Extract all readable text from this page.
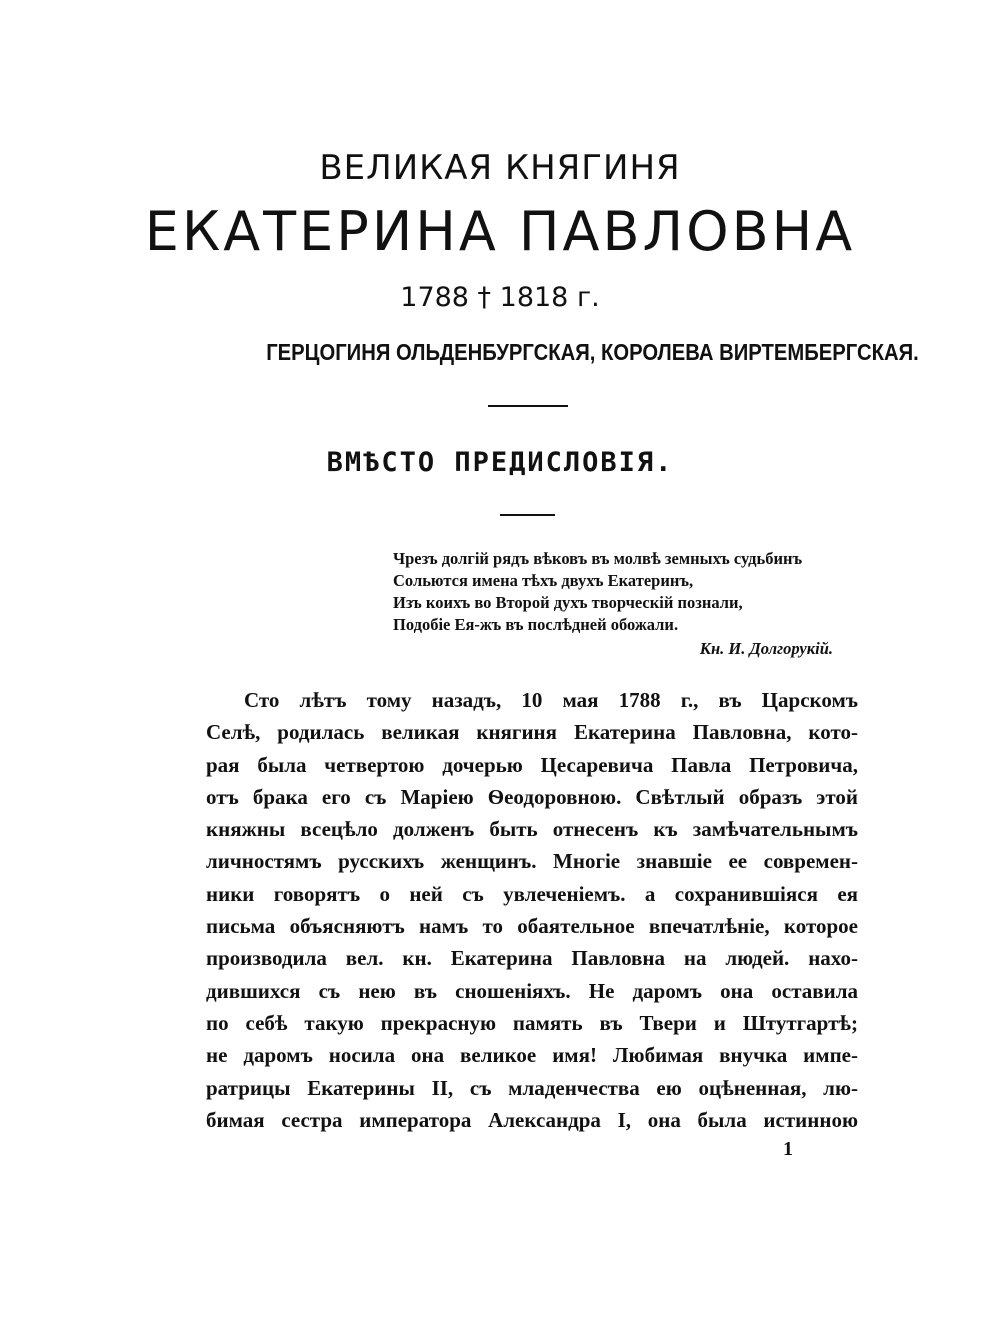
ВЕЛИКАЯ КНЯГИНЯ
ЕКАТЕРИНА ПАВЛОВНА
1788 † 1818 г.
ГЕРЦОГИНЯ ОЛЬДЕНБУРГСКАЯ, КОРОЛЕВА ВИРТЕМБЕРГСКАЯ.
ВМѢСТО ПРЕДИСЛОВІЯ.
Чрезъ долгій рядъ вѣковъ въ молвѣ земныхъ судьбинъ
Сольются имена тѣхъ двухъ Екатеринъ,
Изъ коихъ во Второй духъ творческій познали,
Подобіе Ея-жъ въ послѣдней обожали.
Кн. И. Долгорукій.
Сто лѣтъ тому назадъ, 10 мая 1788 г., въ Царскомъ
Селѣ, родилась великая княгиня Екатерина Павловна, кото-
рая была четвертою дочерью Цесаревича Павла Петровича,
отъ брака его съ Маріею Ѳеодоровною. Свѣтлый образъ этой
княжны всецѣло долженъ быть отнесенъ къ замѣчательнымъ
личностямъ русскихъ женщинъ. Многіе знавшіе ее современ-
ники говорятъ о ней съ увлеченіемъ. а сохранившіяся ея
письма объясняютъ намъ то обаятельное впечатлѣніе, которое
производила вел. кн. Екатерина Павловна на людей. нахо-
дившихся съ нею въ сношеніяхъ. Не даромъ она оставила
по себѣ такую прекрасную память въ Твери и Штутгартѣ;
не даромъ носила она великое имя! Любимая внучка импе-
ратрицы Екатерины II, съ младенчества ею оцѣненная, лю-
бимая сестра императора Александра I, она была истинною
1
